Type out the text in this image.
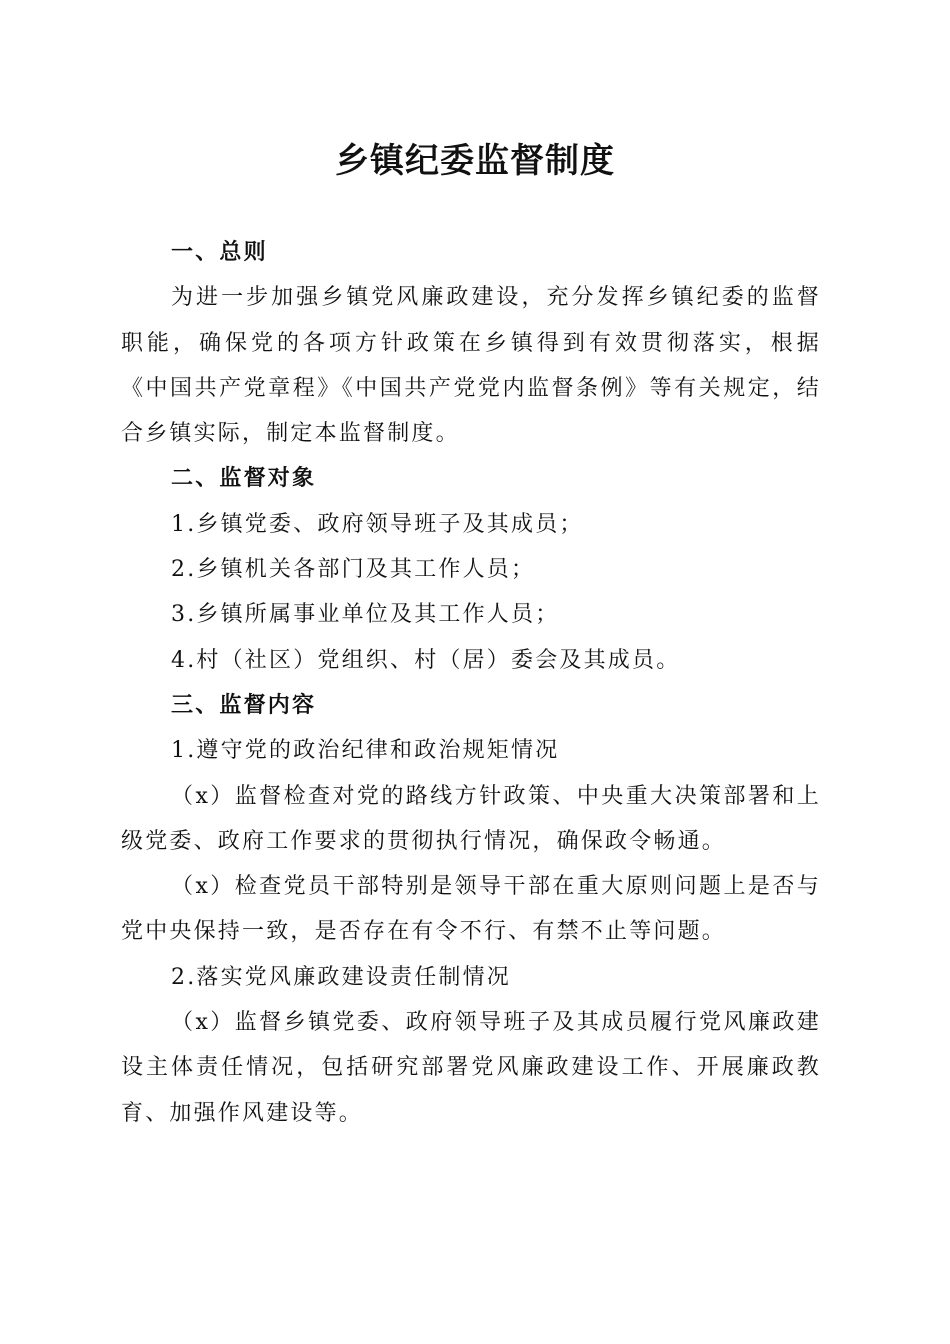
乡镇纪委监督制度

一、总则

为进一步加强乡镇党风廉政建设，充分发挥乡镇纪委的监督职能，确保党的各项方针政策在乡镇得到有效贯彻落实，根据《中国共产党章程》《中国共产党党内监督条例》等有关规定，结合乡镇实际，制定本监督制度。

二、监督对象

1.乡镇党委、政府领导班子及其成员；

2.乡镇机关各部门及其工作人员；

3.乡镇所属事业单位及其工作人员；

4.村（社区）党组织、村（居）委会及其成员。

三、监督内容

1.遵守党的政治纪律和政治规矩情况

（x）监督检查对党的路线方针政策、中央重大决策部署和上级党委、政府工作要求的贯彻执行情况，确保政令畅通。

（x）检查党员干部特别是领导干部在重大原则问题上是否与党中央保持一致，是否存在有令不行、有禁不止等问题。

2.落实党风廉政建设责任制情况

（x）监督乡镇党委、政府领导班子及其成员履行党风廉政建设主体责任情况，包括研究部署党风廉政建设工作、开展廉政教育、加强作风建设等。
